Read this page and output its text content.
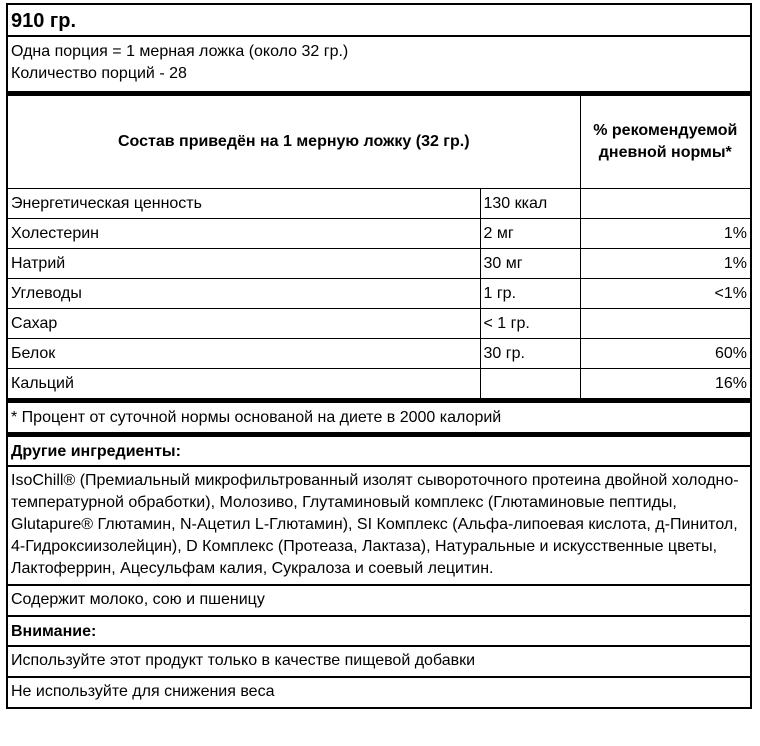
910 гр.
Одна порция = 1 мерная ложка (около 32 гр.)
Количество порций - 28
Состав приведён на 1 мерную ложку (32 гр.)		% рекомендуемой дневной нормы*
Энергетическая ценность	130 ккал	
Холестерин	2 мг	1%
Натрий	30 мг	1%
Углеводы	1 гр.	<1%
Сахар	< 1 гр.	
Белок	30 гр.	60%
Кальций		16%
* Процент от суточной нормы основаной на диете в 2000 калорий
Другие ингредиенты:
IsoChill® (Премиальный микрофильтрованный изолят сывороточного протеина двойной холодно-температурной обработки), Молозиво, Глутаминовый комплекс (Глютаминовые пептиды, Glutapure® Глютамин, N-Ацетил L-Глютамин), SI Комплекс (Альфа-липоевая кислота, д-Пинитол, 4-Гидроксиизолейцин), D Комплекс (Протеаза, Лактаза), Натуральные и искусственные цветы, Лактоферрин, Ацесульфам калия, Сукралоза и соевый лецитин.
Содержит молоко, сою и пшеницу
Внимание:
Используйте этот продукт только в качестве пищевой добавки
Не используйте для снижения веса
